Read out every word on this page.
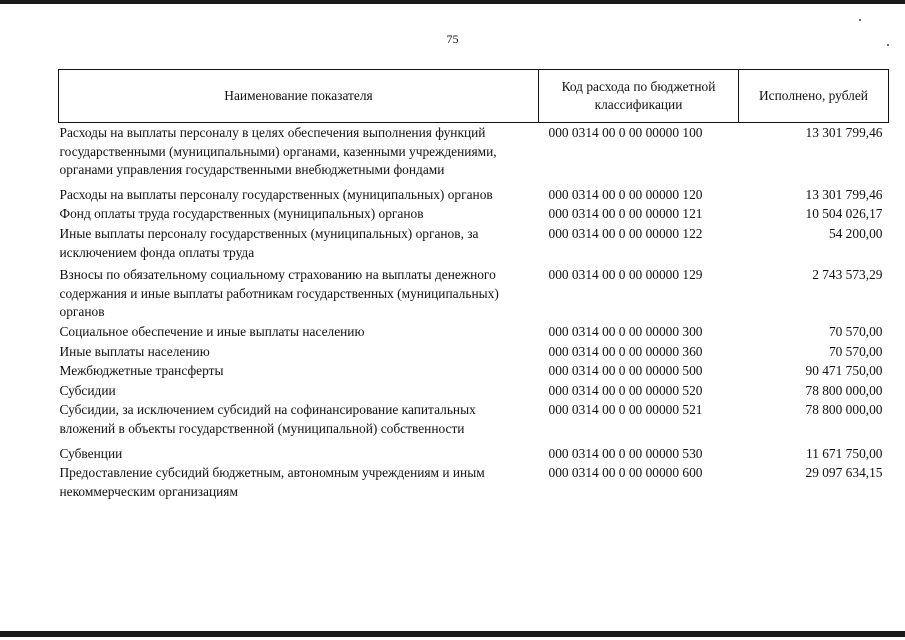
75
Наименование показателя	Код расхода по бюджетной классификации	Исполнено, рублей
Расходы на выплаты персоналу в целях обеспечения выполнения функций государственными (муниципальными) органами, казенными учреждениями, органами управления государственными внебюджетными фондами	000 0314 00 0 00 00000 100	13 301 799,46
Расходы на выплаты персоналу государственных (муниципальных) органов	000 0314 00 0 00 00000 120	13 301 799,46
Фонд оплаты труда государственных (муниципальных) органов	000 0314 00 0 00 00000 121	10 504 026,17
Иные выплаты персоналу государственных (муниципальных) органов, за исключением фонда оплаты труда	000 0314 00 0 00 00000 122	54 200,00
Взносы по обязательному социальному страхованию на выплаты денежного содержания и иные выплаты работникам государственных (муниципальных) органов	000 0314 00 0 00 00000 129	2 743 573,29
Социальное обеспечение и иные выплаты населению	000 0314 00 0 00 00000 300	70 570,00
Иные выплаты населению	000 0314 00 0 00 00000 360	70 570,00
Межбюджетные трансферты	000 0314 00 0 00 00000 500	90 471 750,00
Субсидии	000 0314 00 0 00 00000 520	78 800 000,00
Субсидии, за исключением субсидий на софинансирование капитальных вложений в объекты государственной (муниципальной) собственности	000 0314 00 0 00 00000 521	78 800 000,00
Субвенции	000 0314 00 0 00 00000 530	11 671 750,00
Предоставление субсидий бюджетным, автономным учреждениям и иным некоммерческим организациям	000 0314 00 0 00 00000 600	29 097 634,15
